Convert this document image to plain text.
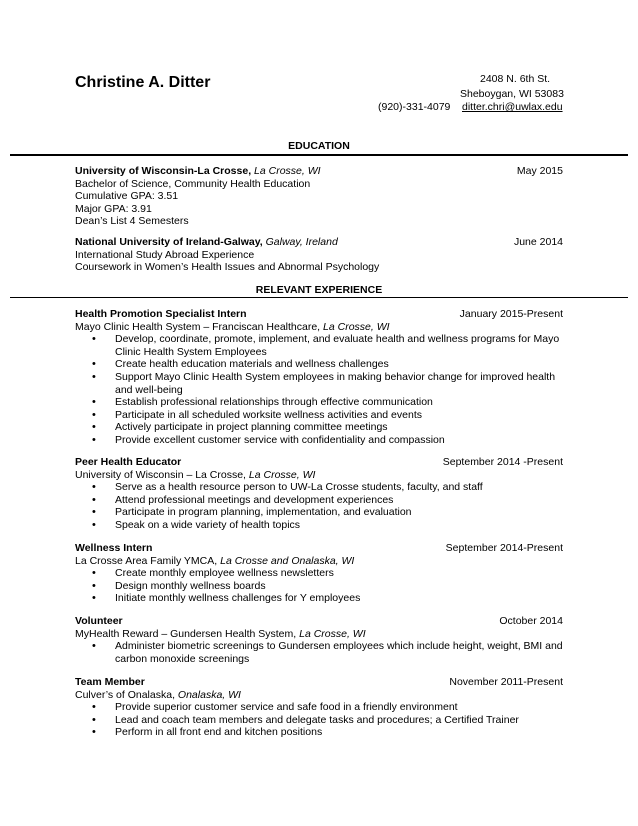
Christine A. Ditter	2408 N. 6th St.
Sheboygan, WI 53083
(920)-331-4079 ditter.chri@uwlax.edu
EDUCATION
University of Wisconsin-La Crosse, La Crosse, WI	May 2015
Bachelor of Science, Community Health Education
Cumulative GPA: 3.51
Major GPA: 3.91
Dean’s List 4 Semesters
National University of Ireland-Galway, Galway, Ireland	June 2014
International Study Abroad Experience
Coursework in Women’s Health Issues and Abnormal Psychology
RELEVANT EXPERIENCE
Health Promotion Specialist Intern	January 2015-Present
Mayo Clinic Health System – Franciscan Healthcare, La Crosse, WI
• Develop, coordinate, promote, implement, and evaluate health and wellness programs for Mayo Clinic Health System Employees
• Create health education materials and wellness challenges
• Support Mayo Clinic Health System employees in making behavior change for improved health and well-being
• Establish professional relationships through effective communication
• Participate in all scheduled worksite wellness activities and events
• Actively participate in project planning committee meetings
• Provide excellent customer service with confidentiality and compassion
Peer Health Educator	September 2014 -Present
University of Wisconsin – La Crosse, La Crosse, WI
• Serve as a health resource person to UW-La Crosse students, faculty, and staff
• Attend professional meetings and development experiences
• Participate in program planning, implementation, and evaluation
• Speak on a wide variety of health topics
Wellness Intern	September 2014-Present
La Crosse Area Family YMCA, La Crosse and Onalaska, WI
• Create monthly employee wellness newsletters
• Design monthly wellness boards
• Initiate monthly wellness challenges for Y employees
Volunteer	October 2014
MyHealth Reward – Gundersen Health System, La Crosse, WI
• Administer biometric screenings to Gundersen employees which include height, weight, BMI and carbon monoxide screenings
Team Member	November 2011-Present
Culver’s of Onalaska, Onalaska, WI
• Provide superior customer service and safe food in a friendly environment
• Lead and coach team members and delegate tasks and procedures; a Certified Trainer
• Perform in all front end and kitchen positions
